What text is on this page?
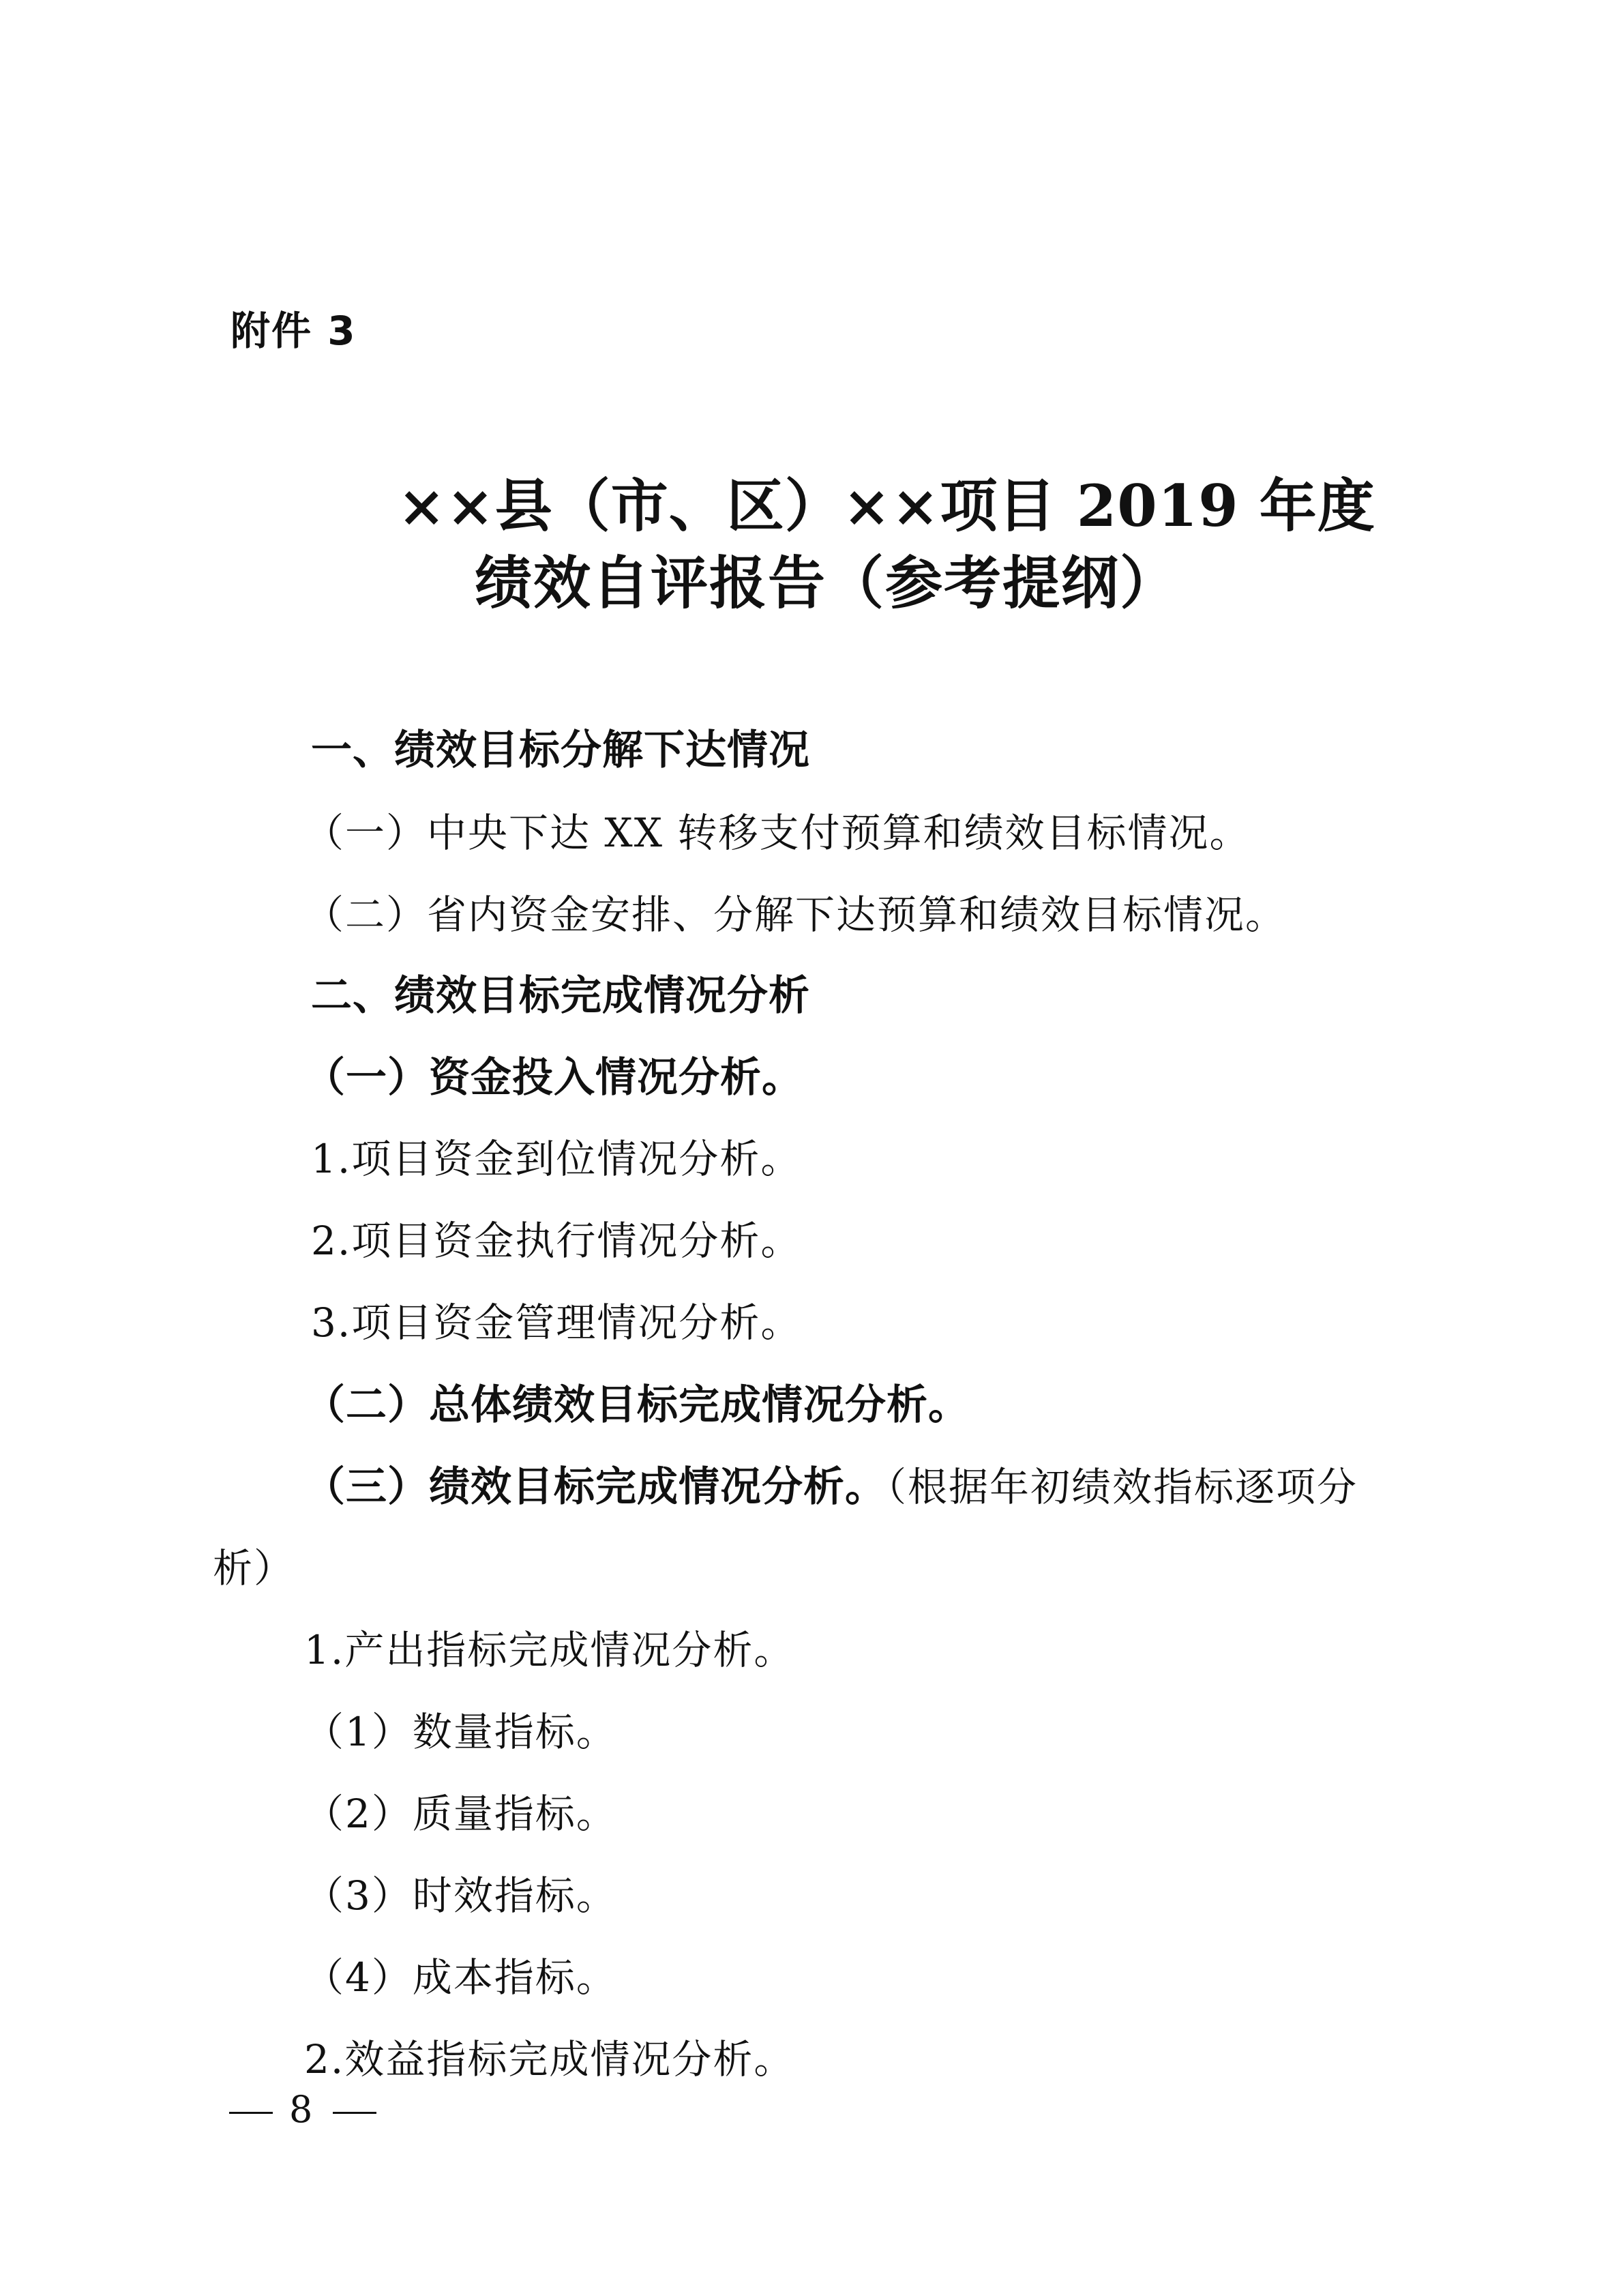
附件 3
××县（市、区）××项目 2019 年度
绩效自评报告（参考提纲）
一、绩效目标分解下达情况
（一）中央下达 XX 转移支付预算和绩效目标情况。
（二）省内资金安排、分解下达预算和绩效目标情况。
二、绩效目标完成情况分析
（一）资金投入情况分析。
1.项目资金到位情况分析。
2.项目资金执行情况分析。
3.项目资金管理情况分析。
（二）总体绩效目标完成情况分析。
（三）绩效目标完成情况分析。（根据年初绩效指标逐项分
析）
1.产出指标完成情况分析。
（1）数量指标。
（2）质量指标。
（3）时效指标。
（4）成本指标。
2.效益指标完成情况分析。
8
